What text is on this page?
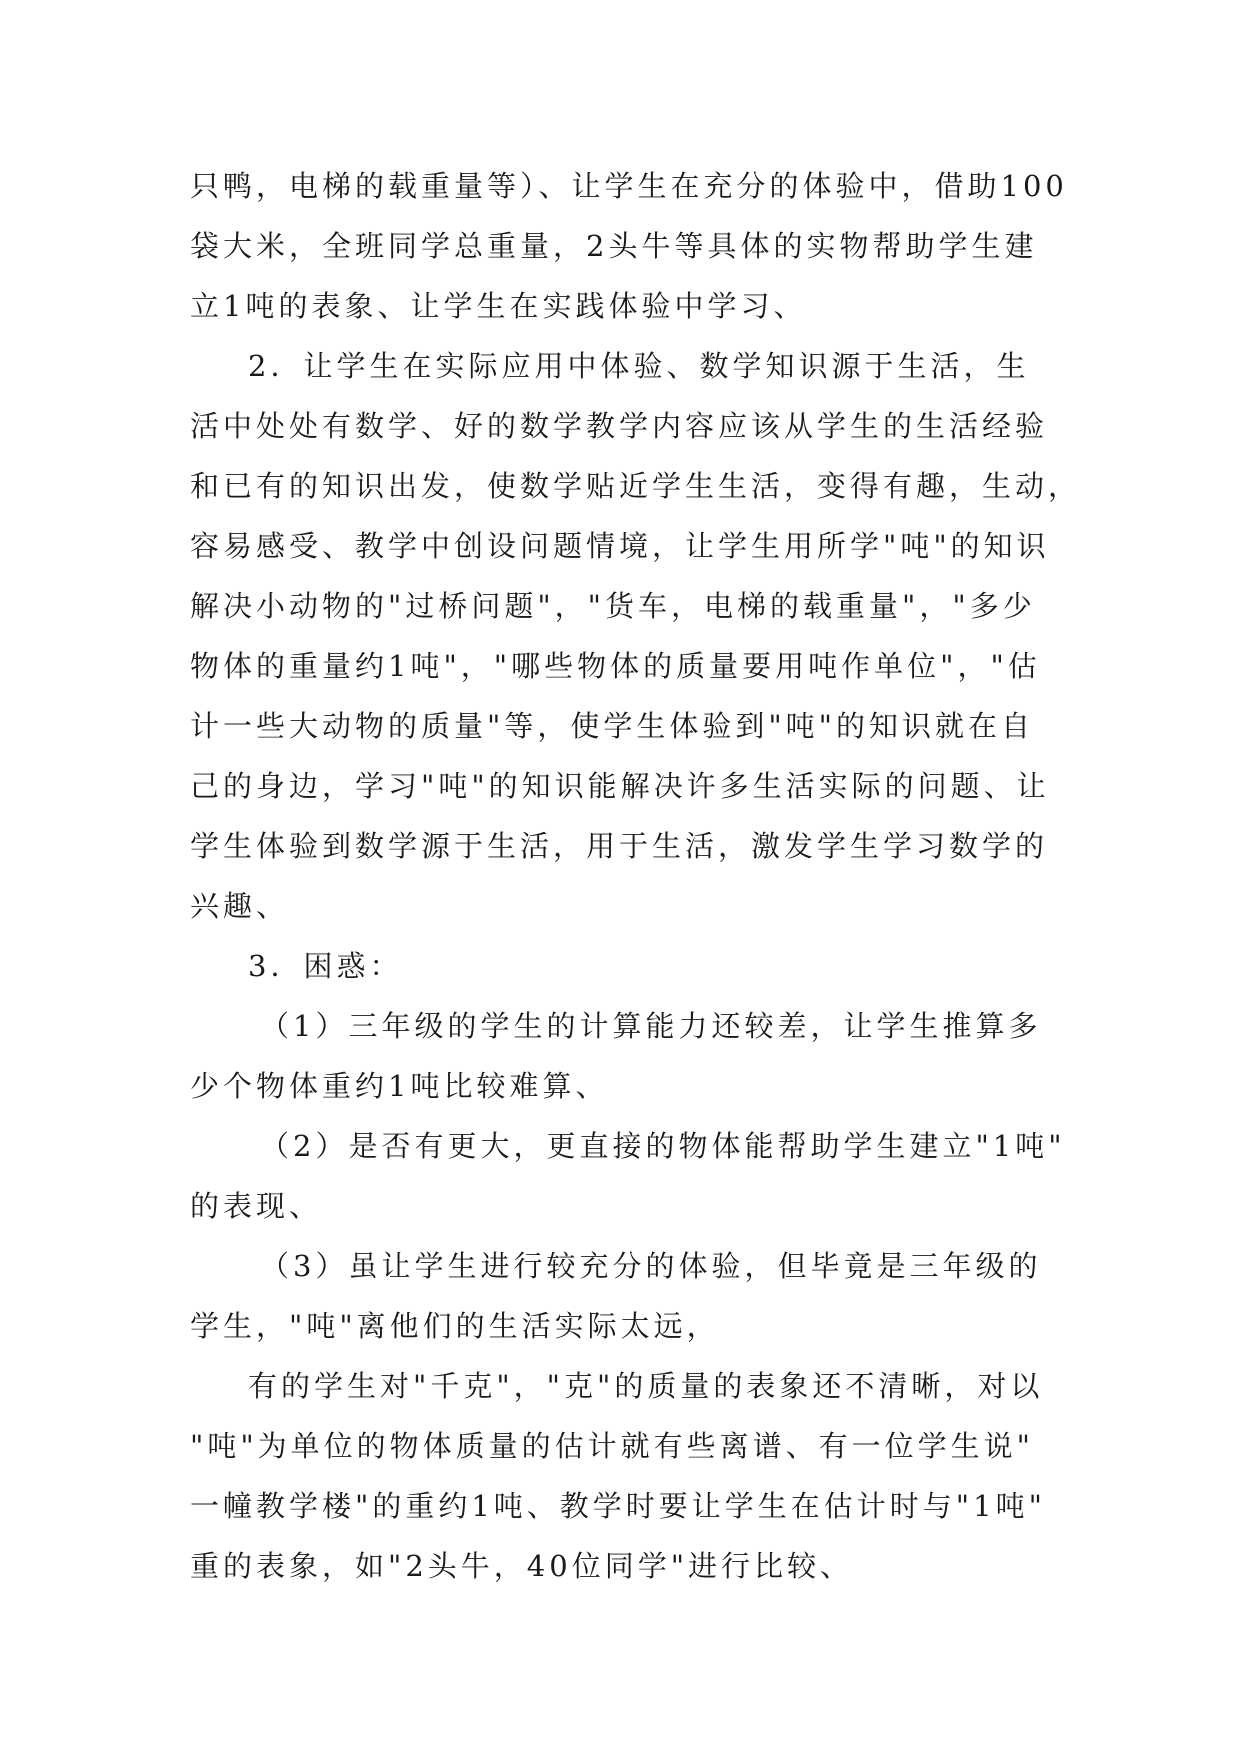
只鸭，电梯的载重量等）、让学生在充分的体验中，借助100
袋大米，全班同学总重量，2头牛等具体的实物帮助学生建
立1吨的表象、让学生在实践体验中学习、
2．让学生在实际应用中体验、数学知识源于生活，生
活中处处有数学、好的数学教学内容应该从学生的生活经验
和已有的知识出发，使数学贴近学生生活，变得有趣，生动，
容易感受、教学中创设问题情境，让学生用所学"吨"的知识
解决小动物的"过桥问题"，"货车，电梯的载重量"，"多少
物体的重量约1吨"，"哪些物体的质量要用吨作单位"，"估
计一些大动物的质量"等，使学生体验到"吨"的知识就在自
己的身边，学习"吨"的知识能解决许多生活实际的问题、让
学生体验到数学源于生活，用于生活，激发学生学习数学的
兴趣、
3．困惑：
（1）三年级的学生的计算能力还较差，让学生推算多
少个物体重约1吨比较难算、
（2）是否有更大，更直接的物体能帮助学生建立"1吨"
的表现、
（3）虽让学生进行较充分的体验，但毕竟是三年级的
学生，"吨"离他们的生活实际太远，
有的学生对"千克"，"克"的质量的表象还不清晰，对以
"吨"为单位的物体质量的估计就有些离谱、有一位学生说"
一幢教学楼"的重约1吨、教学时要让学生在估计时与"1吨"
重的表象，如"2头牛，40位同学"进行比较、
